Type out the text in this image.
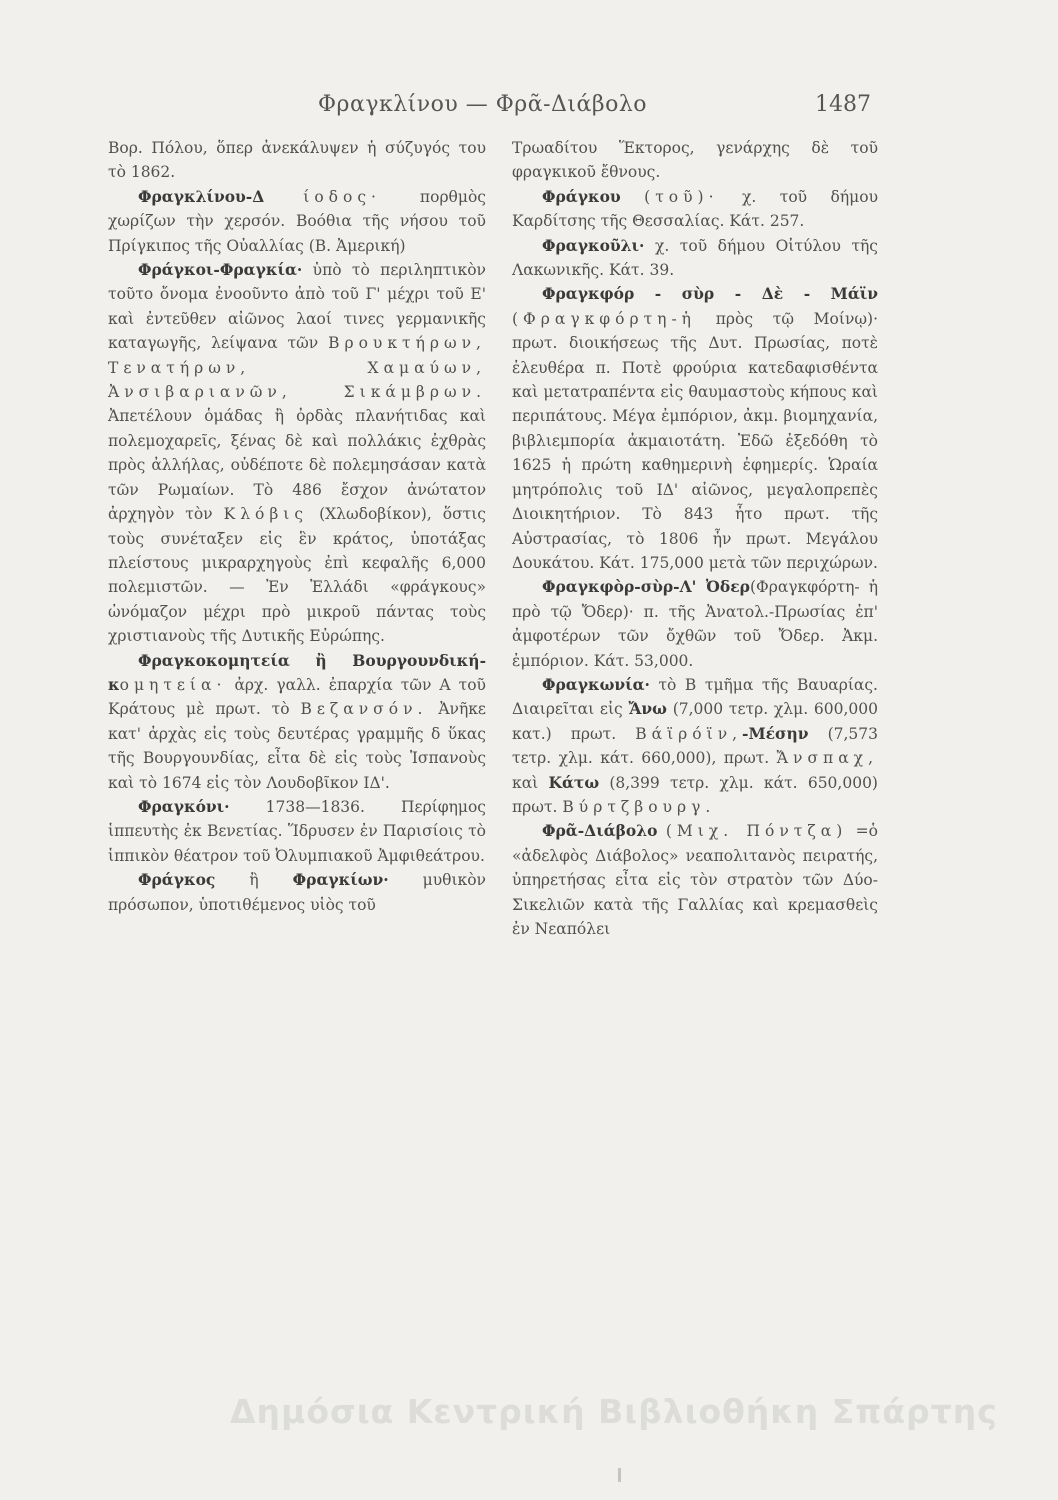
Φραγκλίνου — Φρᾶ-Διάβολο	1487

Βορ. Πόλου, ὅπερ ἀνεκάλυψεν ἡ σύζυγός του τὸ 1862.

Φραγκλίνου-Δ	ίοδος·	πορθμὸς χωρίζων τὴν χερσόν. Βοόθια τῆς νήσου τοῦ Πρίγκιπος τῆς Οὐαλλίας (Β. Ἀμερική)

Φράγκοι-Φραγκία· ὑπὸ τὸ περιληπτικὸν τοῦτο ὄνομα ἐνοοῦντο ἀπὸ τοῦ Γ' μέχρι τοῦ Ε' καὶ ἐντεῦθεν αἰῶνος λαοί τινες γερμανικῆς καταγωγῆς, λείψανα τῶν Βρουκτήρων, Τενατήρων, Χαμαύων, Ἀνσιβαριανῶν, Σικάμβρων. Ἀπετέλουν ὁμάδας ἢ ὀρδὰς πλανήτιδας καὶ πολεμοχαρεῖς, ξένας δὲ καὶ πολλάκις ἐχθρὰς πρὸς ἀλλήλας, οὐδέποτε δὲ πολεμησάσαν κατὰ τῶν Ρωμαίων. Τὸ 486 ἔσχον ἀνώτατον ἀρχηγὸν τὸν Κλόβις (Χλωδοβίκον), ὅστις τοὺς συνέταξεν εἰς ἓν κράτος, ὑποτάξας πλείστους μικραρχηγοὺς ἐπὶ κεφαλῆς 6,000 πολεμιστῶν. — Ἐν Ἑλλάδι «φράγκους» ὠνόμαζον μέχρι πρὸ μικροῦ πάντας τοὺς χριστιανοὺς τῆς Δυτικῆς Εὐρώπης.

Φραγκοκομητεία ἢ Βουργουνδική-κομητεία· ἀρχ. γαλλ. ἐπαρχία τῶν Α τοῦ Κράτους μὲ πρωτ. τὸ Βεζανσόν. Ἀνῆκε κατ' ἀρχὰς εἰς τοὺς δευτέρας γραμμῆς δ ὕκας τῆς Βουργουνδίας, εἶτα δὲ εἰς τοὺς Ἱσπανοὺς καὶ τὸ 1674 εἰς τὸν Λουδοβῖκον ΙΔ'.

Φραγκόνι· 1738—1836. Περίφημος ἱππευτὴς ἐκ Βενετίας. Ἵδρυσεν ἐν Παρισίοις τὸ ἱππικὸν θέατρον τοῦ Ὀλυμπιακοῦ Ἀμφιθεάτρου.

Φράγκος ἢ Φραγκίων· μυθικὸν πρόσωπον, ὑποτιθέμενος υἱὸς τοῦ

Τρωαδίτου Ἕκτορος, γενάρχης δὲ τοῦ φραγκικοῦ ἔθνους.

Φράγκου (τοῦ)· χ. τοῦ δήμου Καρδίτσης τῆς Θεσσαλίας. Κάτ. 257.

Φραγκοῦλι· χ. τοῦ δήμου Οἰτύλου τῆς Λακωνικῆς. Κάτ. 39.

Φραγκφόρ - σὺρ - Δὲ - Μάϊν (Φραγκφόρτη-ἡ πρὸς τῷ Μοίνῳ)· πρωτ. διοικήσεως τῆς Δυτ. Πρωσίας, ποτὲ ἐλευθέρα π. Ποτὲ φρούρια κατεδαφισθέντα καὶ μετατραπέντα εἰς θαυμαστοὺς κήπους καὶ περιπάτους. Μέγα ἐμπόριον, ἀκμ. βιομηχανία, βιβλιεμπορία ἀκμαιοτάτη. Ἐδῶ ἐξεδόθη τὸ 1625 ἡ πρώτη καθημερινὴ ἐφημερίς. Ὡραία μητρόπολις τοῦ ΙΔ' αἰῶνος, μεγαλοπρεπὲς Διοικητήριον. Τὸ 843 ἦτο πρωτ. τῆς Αὐστρασίας, τὸ 1806 ἦν πρωτ. Μεγάλου Δουκάτου. Κάτ. 175,000 μετὰ τῶν περιχώρων.

Φραγκφὸρ-σὺρ-Λ' Ὀδερ(Φραγκφόρτη- ἡ πρὸ τῷ Ὄδερ)· π. τῆς Ἀνατολ.-Πρωσίας ἐπ' ἀμφοτέρων τῶν ὄχθῶν τοῦ Ὄδερ. Ἀκμ. ἐμπόριον. Κάτ. 53,000.

Φραγκωνία· τὸ Β τμῆμα τῆς Βαυαρίας. Διαιρεῖται εἰς Ἄνω (7,000 τετρ. χλμ. 600,000 κατ.) πρωτ. Βάϊρόϊν,-Μέσην (7,573 τετρ. χλμ. κάτ. 660,000), πρωτ. Ἄνσπαχ, καὶ Κάτω (8,399 τετρ. χλμ. κάτ. 650,000) πρωτ. Βύρτζβουργ.

Φρᾶ-Διάβολο (Μιχ. Πόντζα) =ὁ «ἀδελφὸς Διάβολος» νεαπολιτανὸς πειρατής, ὑπηρετήσας εἶτα εἰς τὸν στρατὸν τῶν Δύο-Σικελιῶν κατὰ τῆς Γαλλίας καὶ κρεμασθεὶς ἐν Νεαπόλει

Δημόσια Κεντρική Βιβλιοθήκη Σπάρτης
